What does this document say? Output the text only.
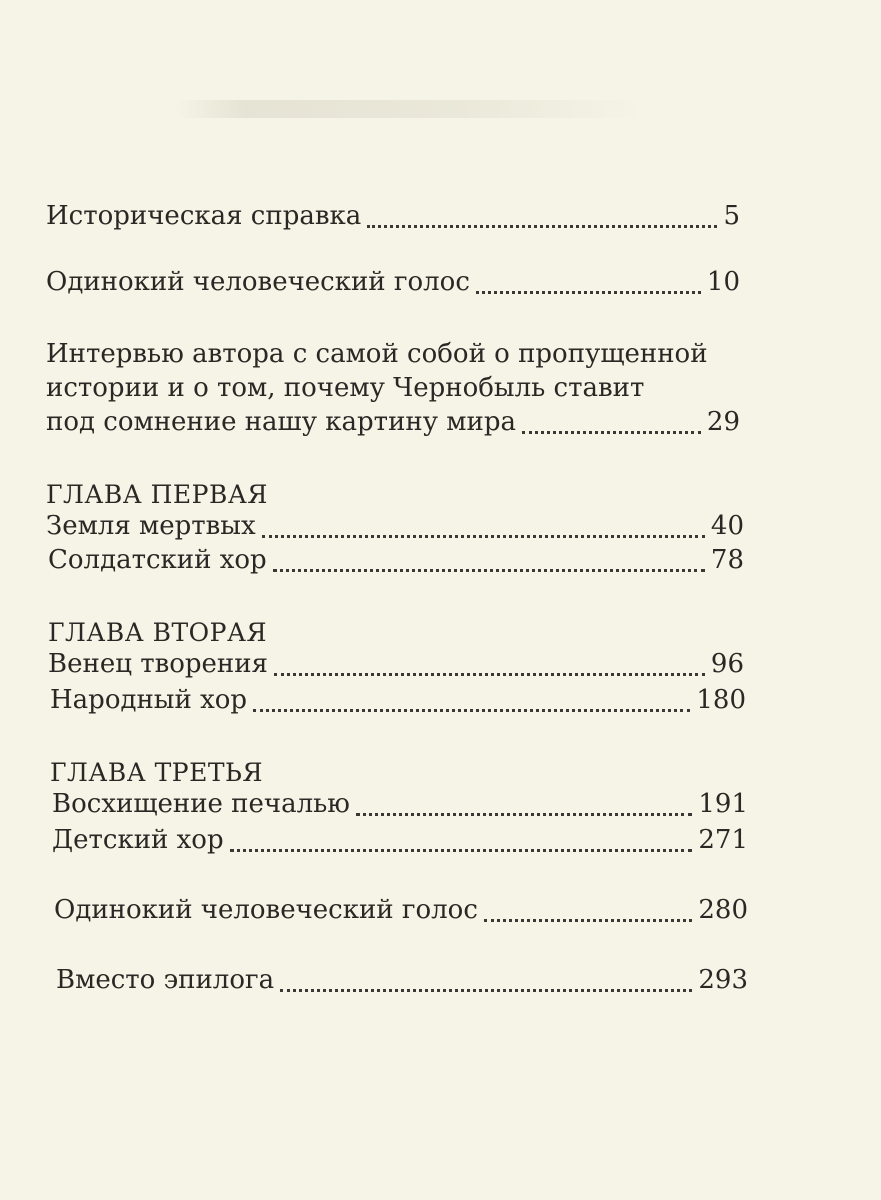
Историческая справка	5
Одинокий человеческий голос	10
Интервью автора с самой собой о пропущенной
истории и о том, почему Чернобыль ставит
под сомнение нашу картину мира	29
ГЛАВА ПЕРВАЯ
Земля мертвых	40
Солдатский хор	78
ГЛАВА ВТОРАЯ
Венец творения	96
Народный хор	180
ГЛАВА ТРЕТЬЯ
Восхищение печалью	191
Детский хор	271
Одинокий человеческий голос	280
Вместо эпилога	293
